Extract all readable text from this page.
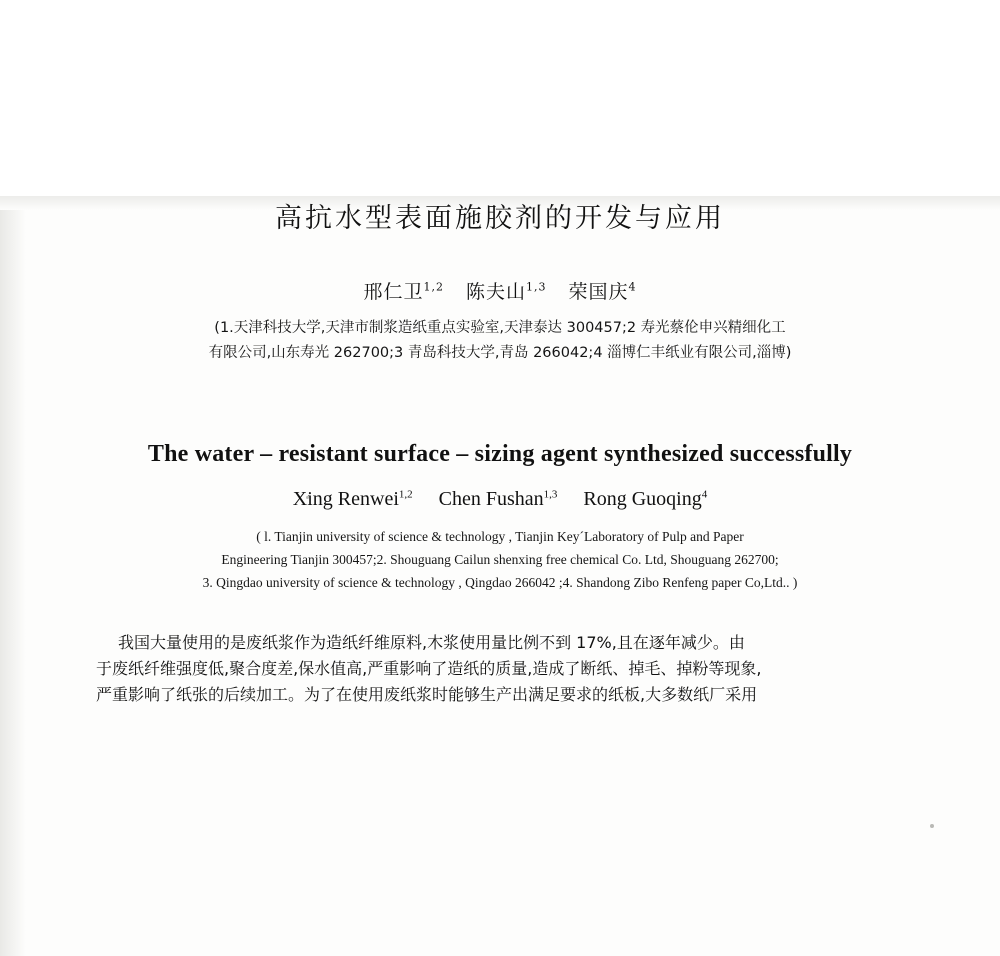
高抗水型表面施胶剂的开发与应用
邢仁卫$^{1,2}$ 陈夫山$^{1,3}$ 荣国庆$^4$
(1.天津科技大学,天津市制浆造纸重点实验室,天津泰达 300457;2 寿光蔡伦申兴精细化工
有限公司,山东寿光 262700;3 青岛科技大学,青岛 266042;4 淄博仁丰纸业有限公司,淄博)
The water – resistant surface – sizing agent synthesized successfully
Xing Renwei$^{1,2}$ Chen Fushan$^{1,3}$ Rong Guoqing$^4$
( l. Tianjin university of science & technology , Tianjin Key´Laboratory of Pulp and Paper
Engineering Tianjin 300457;2. Shouguang Cailun shenxing free chemical Co. Ltd, Shouguang 262700;
3. Qingdao university of science & technology , Qingdao 266042 ;4. Shandong Zibo Renfeng paper Co,Ltd.. )
我国大量使用的是废纸浆作为造纸纤维原料,木浆使用量比例不到 17%,且在逐年减少。由
于废纸纤维强度低,聚合度差,保水值高,严重影响了造纸的质量,造成了断纸、掉毛、掉粉等现象,
严重影响了纸张的后续加工。为了在使用废纸浆时能够生产出满足要求的纸板,大多数纸厂采用
